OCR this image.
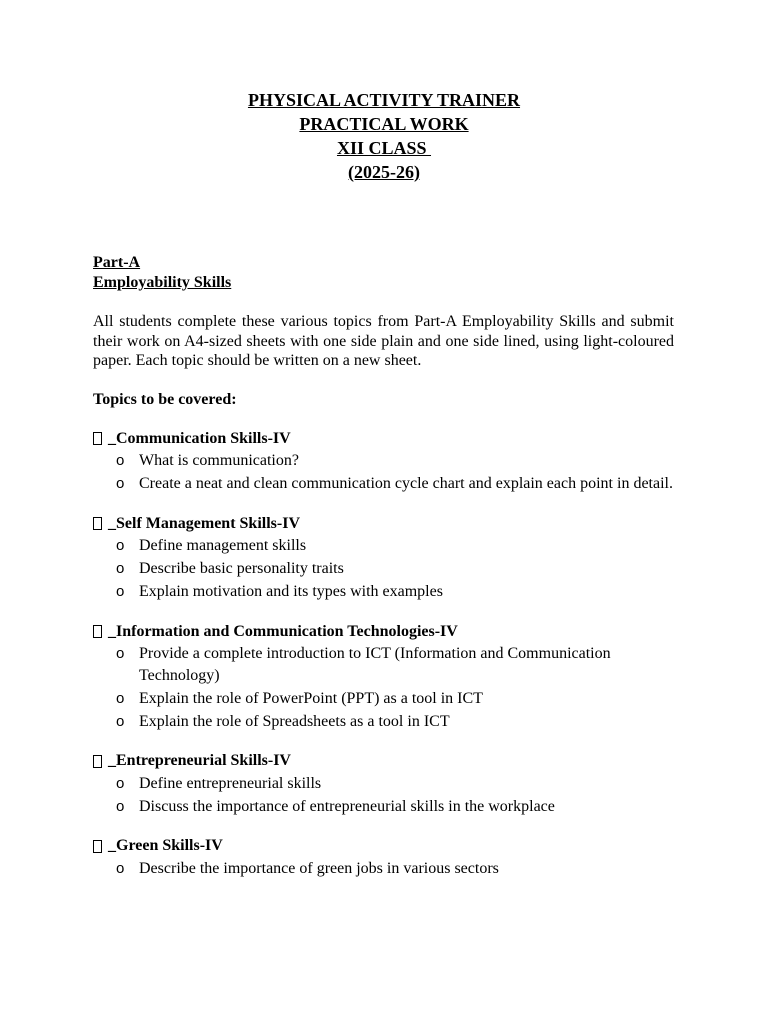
PHYSICAL ACTIVITY TRAINER
PRACTICAL WORK
XII CLASS
(2025-26)
Part-A
Employability Skills
All students complete these various topics from Part-A Employability Skills and submit their work on A4-sized sheets with one side plain and one side lined, using light-coloured paper. Each topic should be written on a new sheet.
Topics to be covered:
_ Communication Skills-IV
o What is communication?
o Create a neat and clean communication cycle chart and explain each point in detail.
_ Self Management Skills-IV
o Define management skills
o Describe basic personality traits
o Explain motivation and its types with examples
_ Information and Communication Technologies-IV
o Provide a complete introduction to ICT (Information and Communication Technology)
o Explain the role of PowerPoint (PPT) as a tool in ICT
o Explain the role of Spreadsheets as a tool in ICT
_ Entrepreneurial Skills-IV
o Define entrepreneurial skills
o Discuss the importance of entrepreneurial skills in the workplace
_ Green Skills-IV
o Describe the importance of green jobs in various sectors
